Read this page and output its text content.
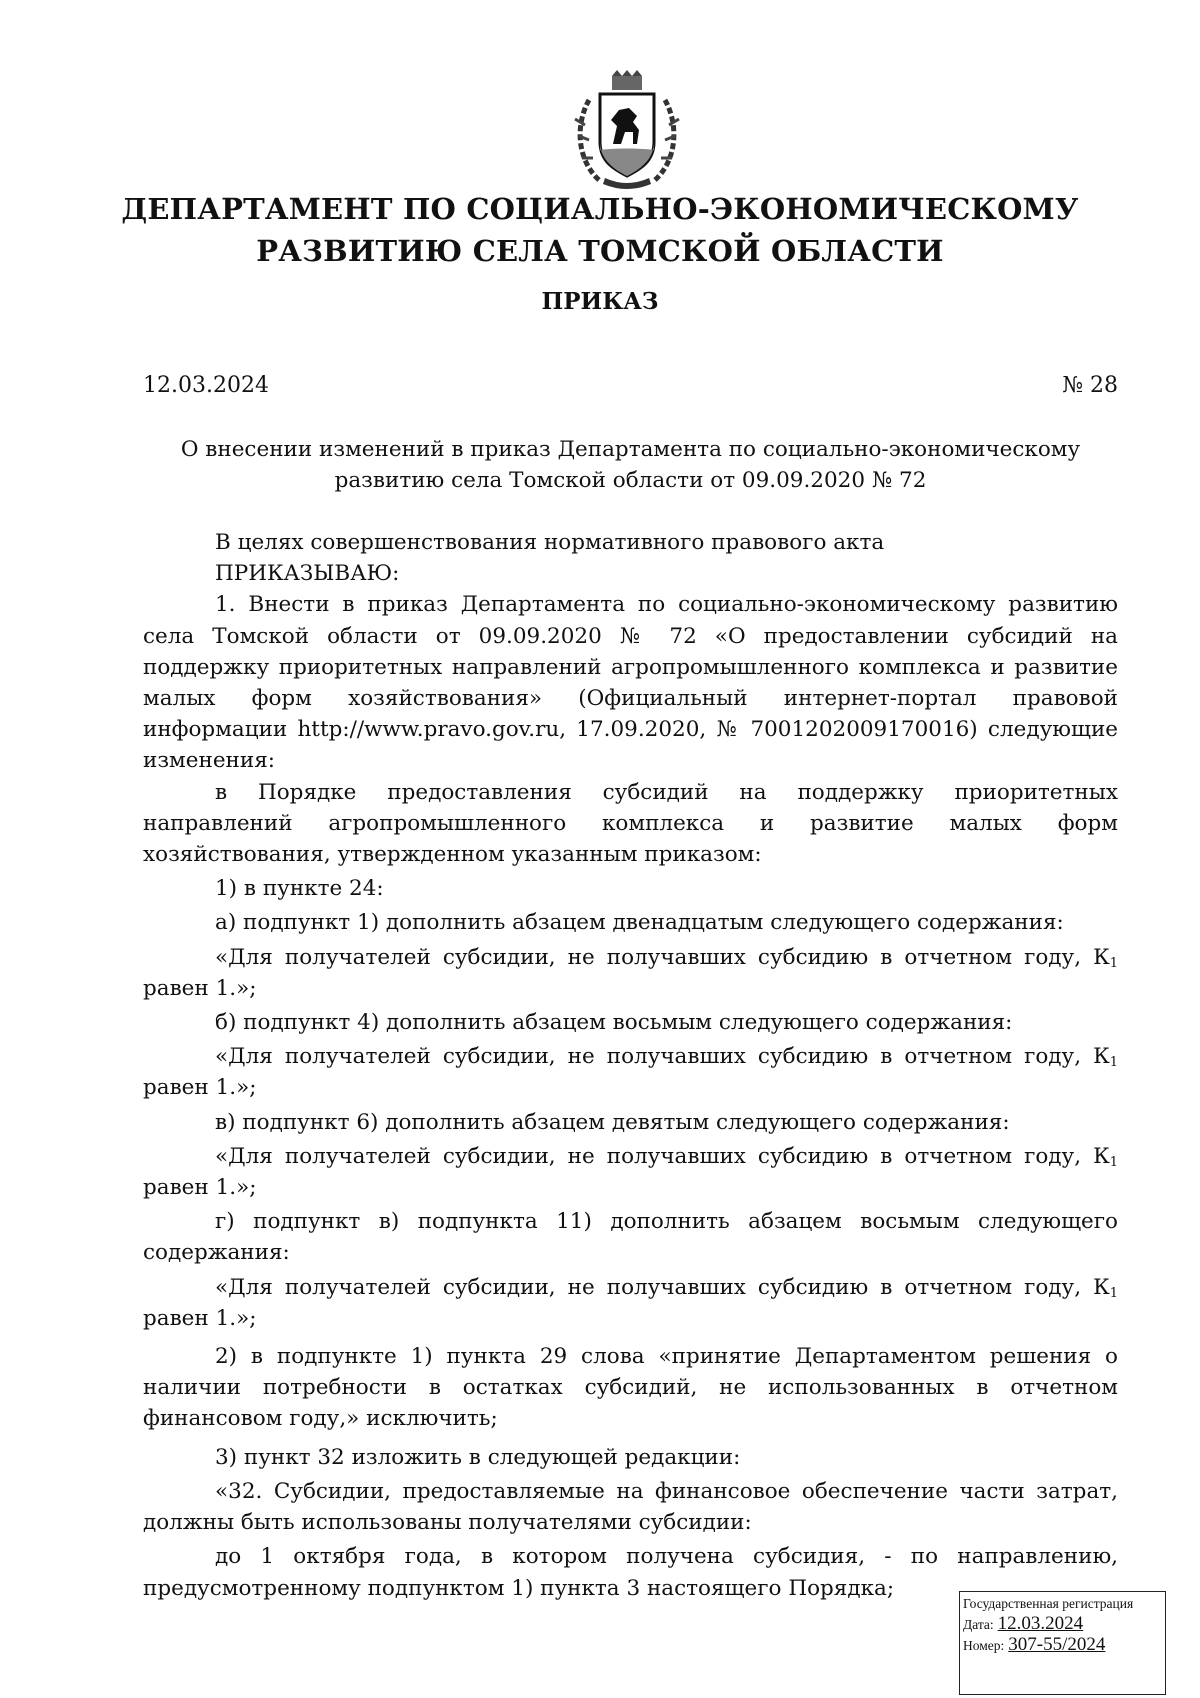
ДЕПАРТАМЕНТ ПО СОЦИАЛЬНО-ЭКОНОМИЧЕСКОМУ
РАЗВИТИЮ СЕЛА ТОМСКОЙ ОБЛАСТИ
ПРИКАЗ
12.03.2024	№ 28
О внесении изменений в приказ Департамента по социально-экономическому
развитию села Томской области от 09.09.2020 № 72

В целях совершенствования нормативного правового акта

ПРИКАЗЫВАЮ:

1. Внести в приказ Департамента по социально-экономическому развитию села Томской области от 09.09.2020 № 72 «О предоставлении субсидий на поддержку приоритетных направлений агропромышленного комплекса и развитие малых форм хозяйствования» (Официальный интернет-портал правовой информации http://www.pravo.gov.ru, 17.09.2020, № 7001202009170016) следующие изменения:

в Порядке предоставления субсидий на поддержку приоритетных направлений агропромышленного комплекса и развитие малых форм хозяйствования, утвержденном указанным приказом:

1) в пункте 24:

а) подпункт 1) дополнить абзацем двенадцатым следующего содержания:

«Для получателей субсидии, не получавших субсидию в отчетном году, $К_1$ равен 1.»;

б) подпункт 4) дополнить абзацем восьмым следующего содержания:

«Для получателей субсидии, не получавших субсидию в отчетном году, $К_1$ равен 1.»;

в) подпункт 6) дополнить абзацем девятым следующего содержания:

«Для получателей субсидии, не получавших субсидию в отчетном году, $К_1$ равен 1.»;

г) подпункт в) подпункта 11) дополнить абзацем восьмым следующего содержания:

«Для получателей субсидии, не получавших субсидию в отчетном году, $К_1$ равен 1.»;

2) в подпункте 1) пункта 29 слова «принятие Департаментом решения о наличии потребности в остатках субсидий, не использованных в отчетном финансовом году,» исключить;

3) пункт 32 изложить в следующей редакции:

«32. Субсидии, предоставляемые на финансовое обеспечение части затрат, должны быть использованы получателями субсидии:

до 1 октября года, в котором получена субсидия, - по направлению, предусмотренному подпунктом 1) пункта 3 настоящего Порядка;

Государственная регистрация
Дата: 12.03.2024
Номер: 307-55/2024
